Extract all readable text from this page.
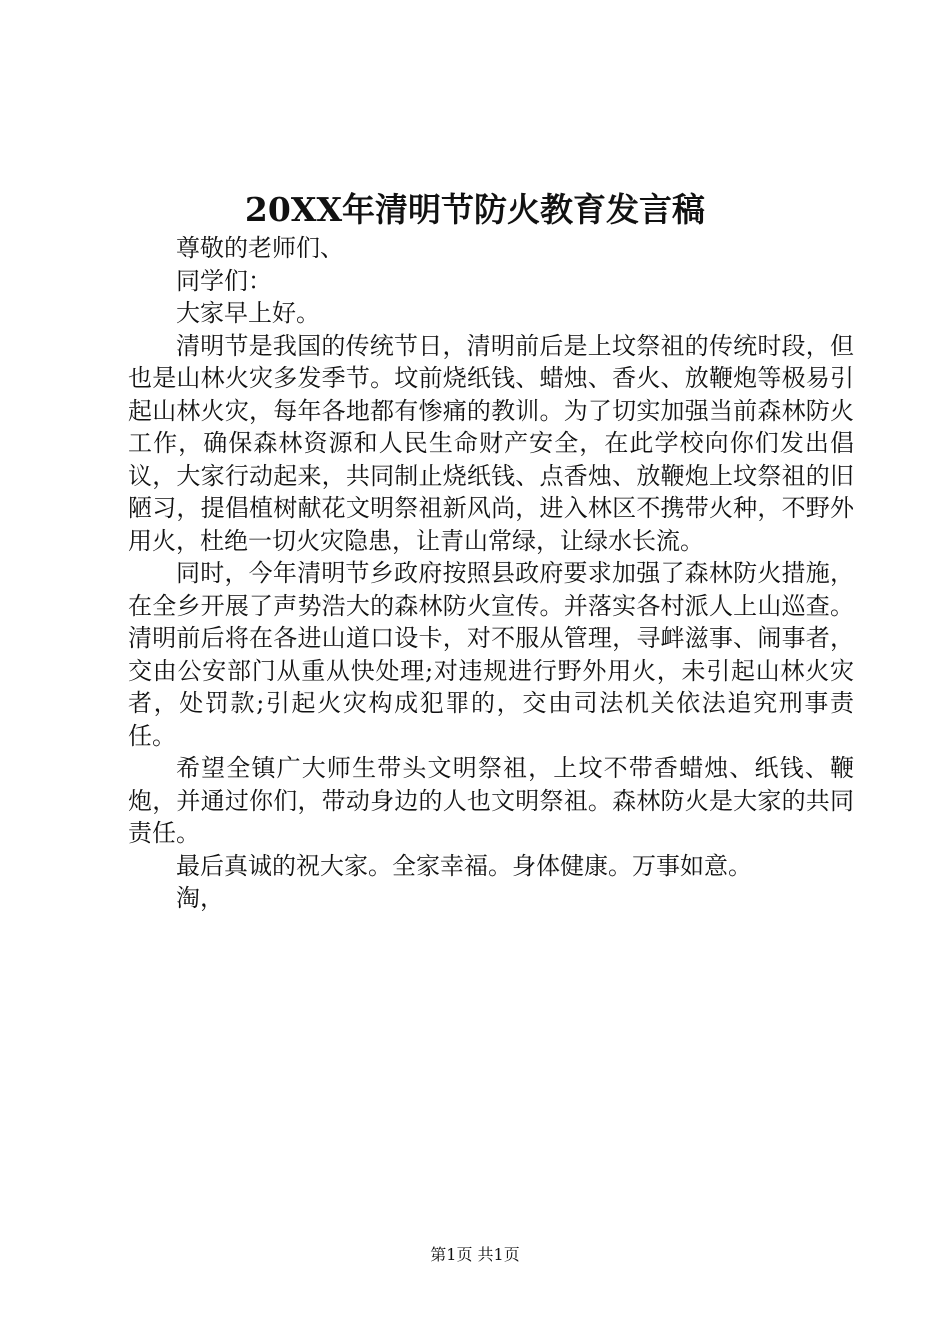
20XX年清明节防火教育发言稿

尊敬的老师们、

同学们：

大家早上好。

清明节是我国的传统节日，清明前后是上坟祭祖的传统时段，但也是山林火灾多发季节。坟前烧纸钱、蜡烛、香火、放鞭炮等极易引起山林火灾，每年各地都有惨痛的教训。为了切实加强当前森林防火工作，确保森林资源和人民生命财产安全，在此学校向你们发出倡议，大家行动起来，共同制止烧纸钱、点香烛、放鞭炮上坟祭祖的旧陋习，提倡植树献花文明祭祖新风尚，进入林区不携带火种，不野外用火，杜绝一切火灾隐患，让青山常绿，让绿水长流。

同时，今年清明节乡政府按照县政府要求加强了森林防火措施，在全乡开展了声势浩大的森林防火宣传。并落实各村派人上山巡查。清明前后将在各进山道口设卡，对不服从管理，寻衅滋事、闹事者，交由公安部门从重从快处理;对违规进行野外用火，未引起山林火灾者，处罚款;引起火灾构成犯罪的，交由司法机关依法追究刑事责任。

希望全镇广大师生带头文明祭祖，上坟不带香蜡烛、纸钱、鞭炮，并通过你们，带动身边的人也文明祭祖。森林防火是大家的共同责任。

最后真诚的祝大家。全家幸福。身体健康。万事如意。

淘，

第1页 共1页
